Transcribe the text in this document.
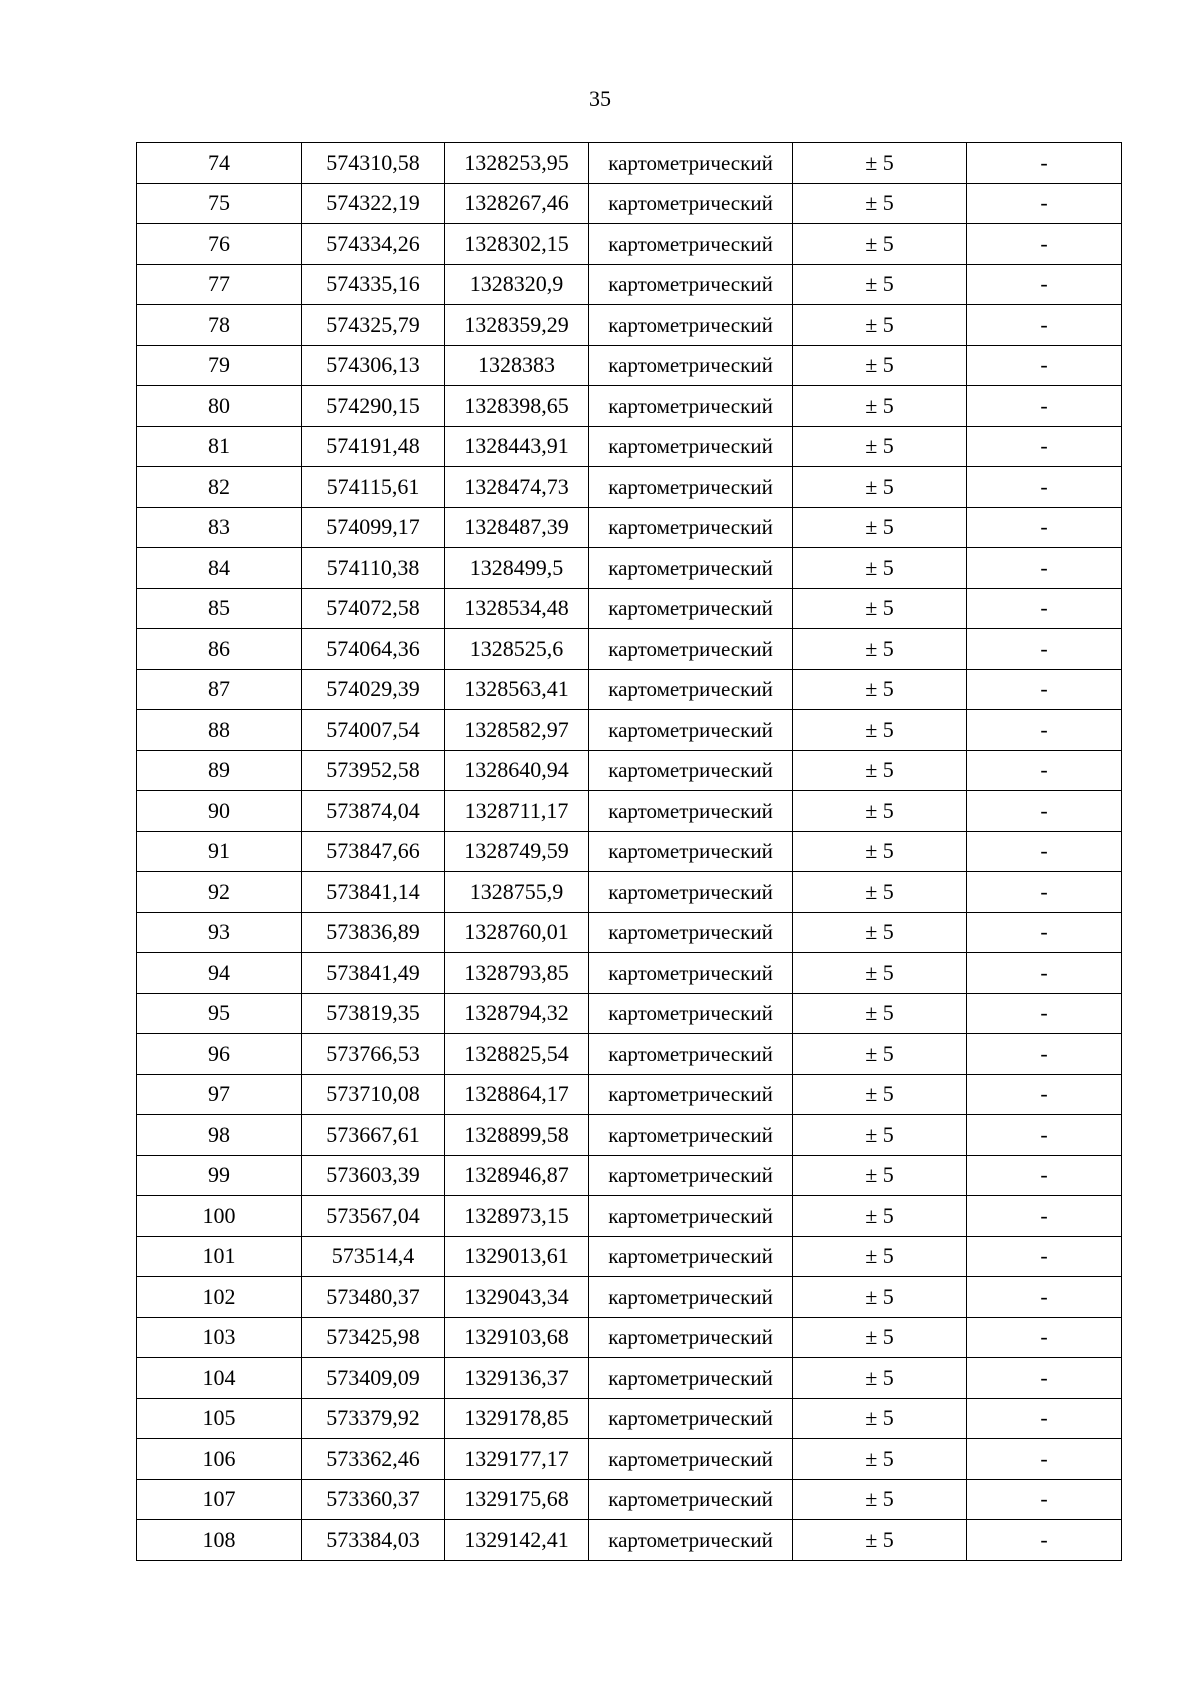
35
74	574310,58	1328253,95	картометрический	± 5	-
75	574322,19	1328267,46	картометрический	± 5	-
76	574334,26	1328302,15	картометрический	± 5	-
77	574335,16	1328320,9	картометрический	± 5	-
78	574325,79	1328359,29	картометрический	± 5	-
79	574306,13	1328383	картометрический	± 5	-
80	574290,15	1328398,65	картометрический	± 5	-
81	574191,48	1328443,91	картометрический	± 5	-
82	574115,61	1328474,73	картометрический	± 5	-
83	574099,17	1328487,39	картометрический	± 5	-
84	574110,38	1328499,5	картометрический	± 5	-
85	574072,58	1328534,48	картометрический	± 5	-
86	574064,36	1328525,6	картометрический	± 5	-
87	574029,39	1328563,41	картометрический	± 5	-
88	574007,54	1328582,97	картометрический	± 5	-
89	573952,58	1328640,94	картометрический	± 5	-
90	573874,04	1328711,17	картометрический	± 5	-
91	573847,66	1328749,59	картометрический	± 5	-
92	573841,14	1328755,9	картометрический	± 5	-
93	573836,89	1328760,01	картометрический	± 5	-
94	573841,49	1328793,85	картометрический	± 5	-
95	573819,35	1328794,32	картометрический	± 5	-
96	573766,53	1328825,54	картометрический	± 5	-
97	573710,08	1328864,17	картометрический	± 5	-
98	573667,61	1328899,58	картометрический	± 5	-
99	573603,39	1328946,87	картометрический	± 5	-
100	573567,04	1328973,15	картометрический	± 5	-
101	573514,4	1329013,61	картометрический	± 5	-
102	573480,37	1329043,34	картометрический	± 5	-
103	573425,98	1329103,68	картометрический	± 5	-
104	573409,09	1329136,37	картометрический	± 5	-
105	573379,92	1329178,85	картометрический	± 5	-
106	573362,46	1329177,17	картометрический	± 5	-
107	573360,37	1329175,68	картометрический	± 5	-
108	573384,03	1329142,41	картометрический	± 5	-
